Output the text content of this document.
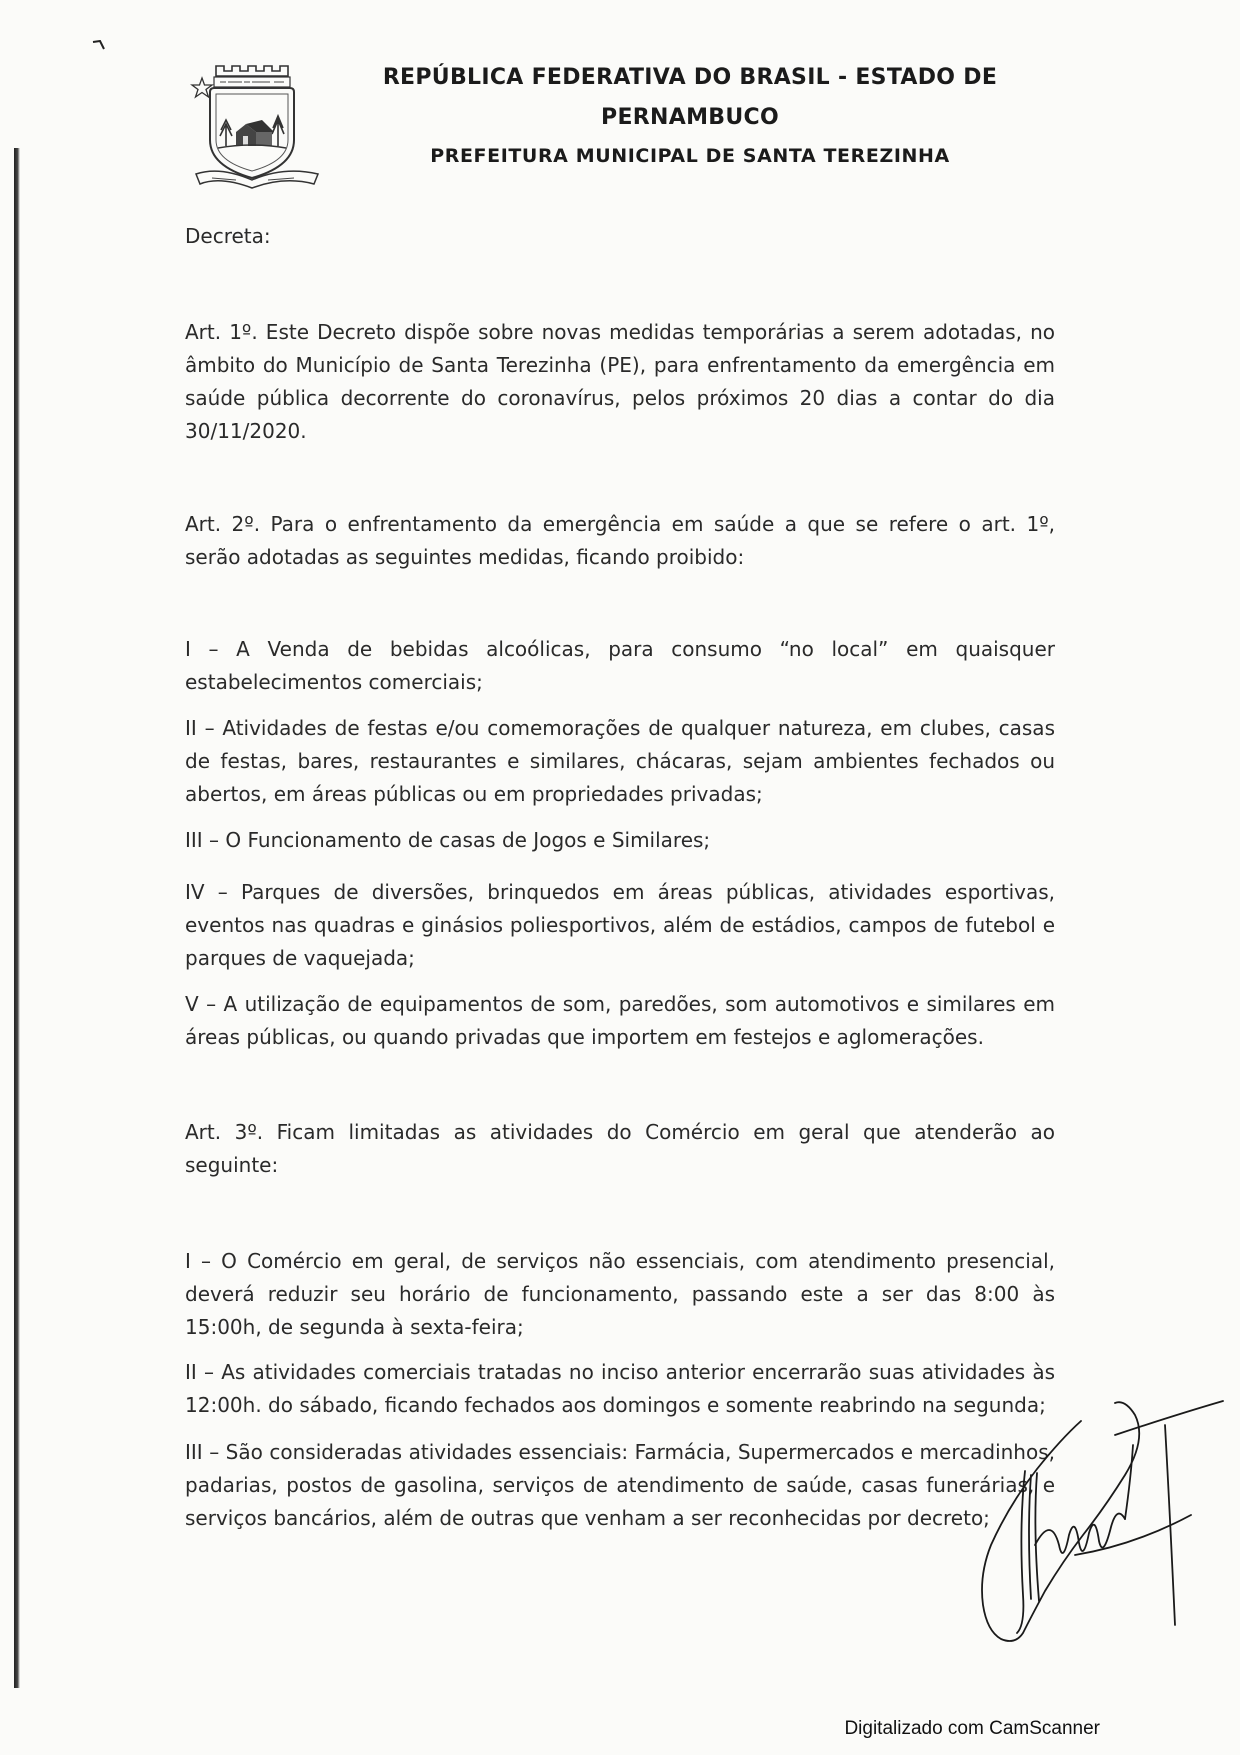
REPÚBLICA FEDERATIVA DO BRASIL - ESTADO DE
PERNAMBUCO
PREFEITURA MUNICIPAL DE SANTA TEREZINHA
Decreta:
Art. 1º. Este Decreto dispõe sobre novas medidas temporárias a serem adotadas, no âmbito do Município de Santa Terezinha (PE), para enfrentamento da emergência em saúde pública decorrente do coronavírus, pelos próximos 20 dias a contar do dia 30/11/2020.
Art. 2º. Para o enfrentamento da emergência em saúde a que se refere o art. 1º, serão adotadas as seguintes medidas, ficando proibido:
I – A Venda de bebidas alcoólicas, para consumo “no local” em quaisquer estabelecimentos comerciais;
II – Atividades de festas e/ou comemorações de qualquer natureza, em clubes, casas de festas, bares, restaurantes e similares, chácaras, sejam ambientes fechados ou abertos, em áreas públicas ou em propriedades privadas;
III – O Funcionamento de casas de Jogos e Similares;
IV – Parques de diversões, brinquedos em áreas públicas, atividades esportivas, eventos nas quadras e ginásios poliesportivos, além de estádios, campos de futebol e parques de vaquejada;
V – A utilização de equipamentos de som, paredões, som automotivos e similares em áreas públicas, ou quando privadas que importem em festejos e aglomerações.
Art. 3º. Ficam limitadas as atividades do Comércio em geral que atenderão ao seguinte:
I – O Comércio em geral, de serviços não essenciais, com atendimento presencial, deverá reduzir seu horário de funcionamento, passando este a ser das 8:00 às 15:00h, de segunda à sexta-feira;
II – As atividades comerciais tratadas no inciso anterior encerrarão suas atividades às 12:00h. do sábado, ficando fechados aos domingos e somente reabrindo na segunda;
III – São consideradas atividades essenciais: Farmácia, Supermercados e mercadinhos, padarias, postos de gasolina, serviços de atendimento de saúde, casas funerárias, e serviços bancários, além de outras que venham a ser reconhecidas por decreto;
Digitalizado com CamScanner
